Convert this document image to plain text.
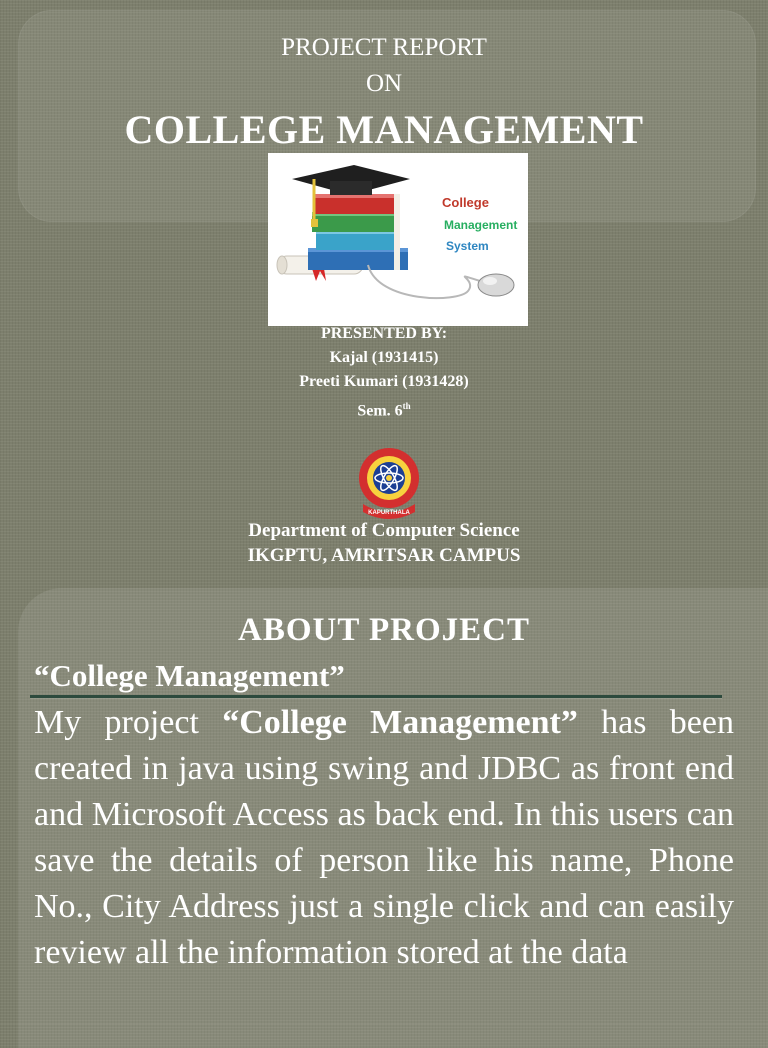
PROJECT REPORT
ON
COLLEGE MANAGEMENT
College
Management
System
PRESENTED BY:
Kajal (1931415)
Preeti Kumari (1931428)
Sem. 6th
KAPURTHALA
Department of Computer Science
IKGPTU, AMRITSAR CAMPUS
ABOUT PROJECT
“College Management”
My project “College Management” has been created in java using swing and JDBC as front end and Microsoft Access as back end. In this users can save the details of person like his name, Phone No., City Address just a single click and can easily review all the information stored at the data
